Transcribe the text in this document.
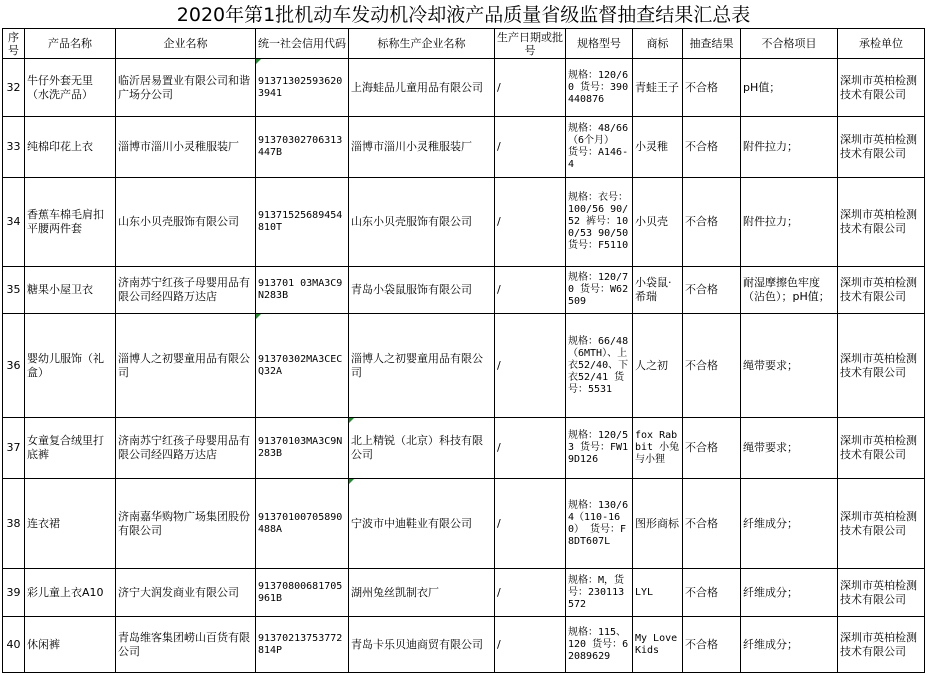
2020年第1批机动车发动机冷却液产品质量省级监督抽查结果汇总表
序号	产品名称	企业名称	统一社会信用代码	标称生产企业名称	生产日期或批号	规格型号	商标	抽查结果	不合格项目	承检单位
32	牛仔外套无里（水洗产品）	临沂居易置业有限公司和谐广场分公司	913713025936203941	上海蛙品儿童用品有限公司	/	规格：120/60 货号：390440876	青蛙王子	不合格	pH值；	深圳市英柏检测技术有限公司
33	纯棉印花上衣	淄博市淄川小灵稚服装厂	91370302706313447B	淄博市淄川小灵稚服装厂	/	规格：48/66（6个月） 货号：A146-4	小灵稚	不合格	附件拉力；	深圳市英柏检测技术有限公司
34	香蕉车棉毛肩扣平腰两件套	山东小贝壳服饰有限公司	91371525689454810T	山东小贝壳服饰有限公司	/	规格：衣号：100/56 90/52 裤号：100/53 90/50 货号：F5110	小贝壳	不合格	附件拉力；	深圳市英柏检测技术有限公司
35	糖果小屋卫衣	济南苏宁红孩子母婴用品有限公司经四路万达店	913701 03MA3C9N283B	青岛小袋鼠服饰有限公司	/	规格：120/70 货号：W62509	小袋鼠·希瑞	不合格	耐湿摩擦色牢度（沾色）；pH值；	深圳市英柏检测技术有限公司
36	婴幼儿服饰（礼盒）	淄博人之初婴童用品有限公司	91370302MA3CECQ32A	淄博人之初婴童用品有限公司	/	规格：66/48（6MTH）、上衣52/40、下衣52/41 货号：5531	人之初	不合格	绳带要求；	深圳市英柏检测技术有限公司
37	女童复合绒里打底裤	济南苏宁红孩子母婴用品有限公司经四路万达店	91370103MA3C9N283B	北上精锐（北京）科技有限公司	/	规格：120/53 货号：FW19D126	fox Rabbit 小兔与小狸	不合格	绳带要求；	深圳市英柏检测技术有限公司
38	连衣裙	济南嘉华购物广场集团股份有限公司	91370100705890488A	宁波市中迪鞋业有限公司	/	规格：130/64（110-160） 货号：F8DT607L	图形商标	不合格	纤维成分；	深圳市英柏检测技术有限公司
39	彩儿童上衣A10	济宁大润发商业有限公司	91370800681705961B	湖州兔丝凯制衣厂	/	规格：M，货号：230113572	LYL	不合格	纤维成分；	深圳市英柏检测技术有限公司
40	休闲裤	青岛维客集团崂山百货有限公司	91370213753772814P	青岛卡乐贝迪商贸有限公司	/	规格：115、120 货号：62089629	My Love Kids	不合格	纤维成分；	深圳市英柏检测技术有限公司
